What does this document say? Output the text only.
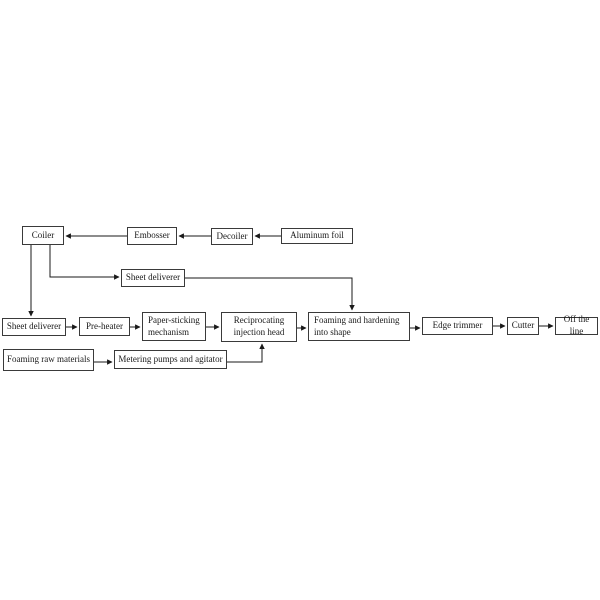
Coiler	Embosser	Decoiler	Aluminum foil
Sheet deliverer
Sheet deliverer	Pre-heater
Paper-sticking mechanism
Reciprocating injection head
Foaming and hardening into shape
Edge trimmer	Cutter
Off the line
Foaming raw materials	Metering pumps and agitator
